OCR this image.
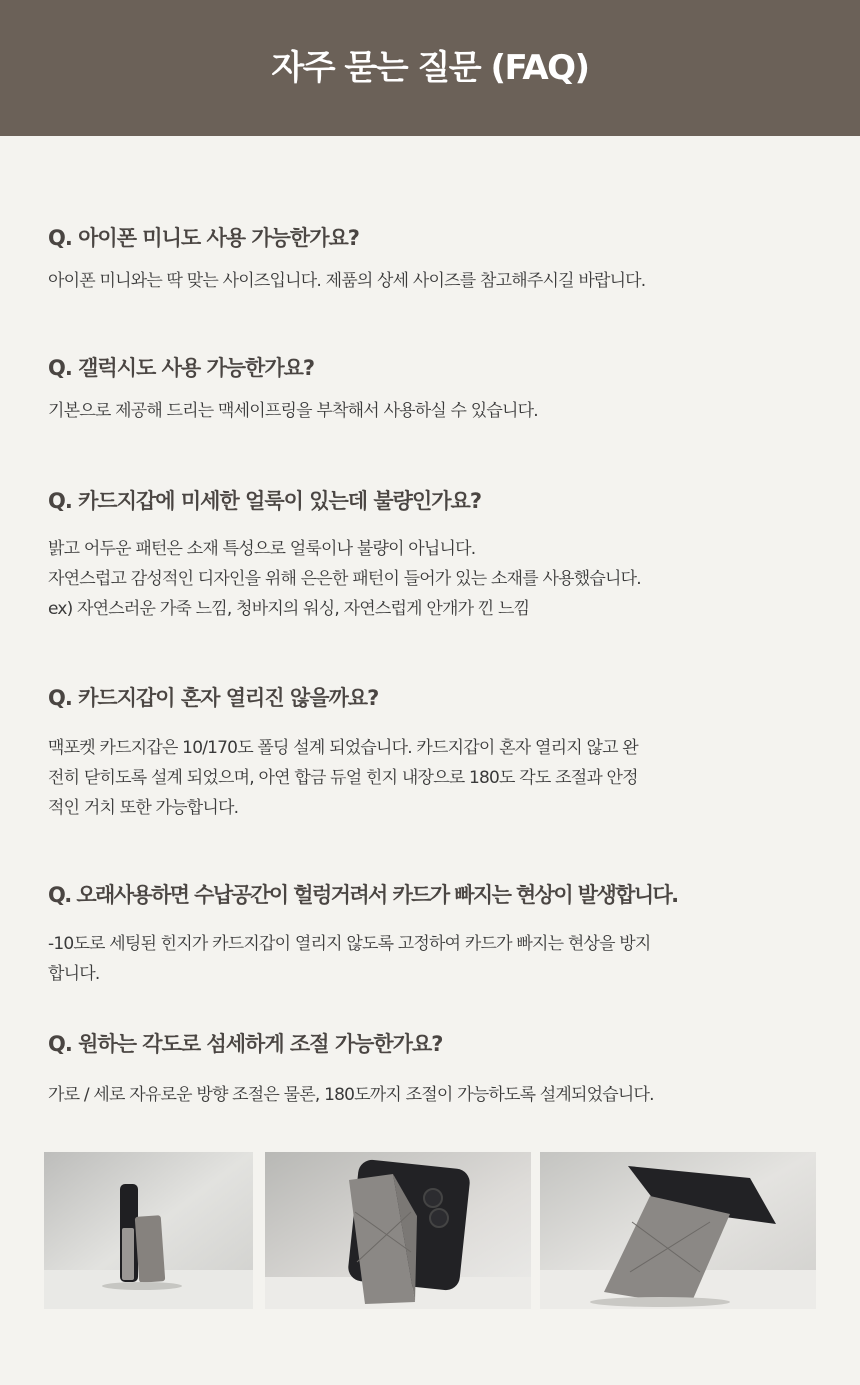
자주 묻는 질문 (FAQ)
Q. 아이폰 미니도 사용 가능한가요?
아이폰 미니와는 딱 맞는 사이즈입니다. 제품의 상세 사이즈를 참고해주시길 바랍니다.
Q. 갤럭시도 사용 가능한가요?
기본으로 제공해 드리는 맥세이프링을 부착해서 사용하실 수 있습니다.
Q. 카드지갑에 미세한 얼룩이 있는데 불량인가요?
밝고 어두운 패턴은 소재 특성으로 얼룩이나 불량이 아닙니다.
자연스럽고 감성적인 디자인을 위해 은은한 패턴이 들어가 있는 소재를 사용했습니다.
ex) 자연스러운 가죽 느낌, 청바지의 워싱, 자연스럽게 안개가 낀 느낌
Q. 카드지갑이 혼자 열리진 않을까요?
맥포켓 카드지갑은 10/170도 폴딩 설계 되었습니다. 카드지갑이 혼자 열리지 않고 완
전히 닫히도록 설계 되었으며, 아연 합금 듀얼 힌지 내장으로 180도 각도 조절과 안정
적인 거치 또한 가능합니다.
Q. 오래사용하면 수납공간이 헐렁거려서 카드가 빠지는 현상이 발생합니다.
-10도로 세팅된 힌지가 카드지갑이 열리지 않도록 고정하여 카드가 빠지는 현상을 방지
합니다.
Q. 원하는 각도로 섬세하게 조절 가능한가요?
가로 / 세로 자유로운 방향 조절은 물론, 180도까지 조절이 가능하도록 설계되었습니다.
